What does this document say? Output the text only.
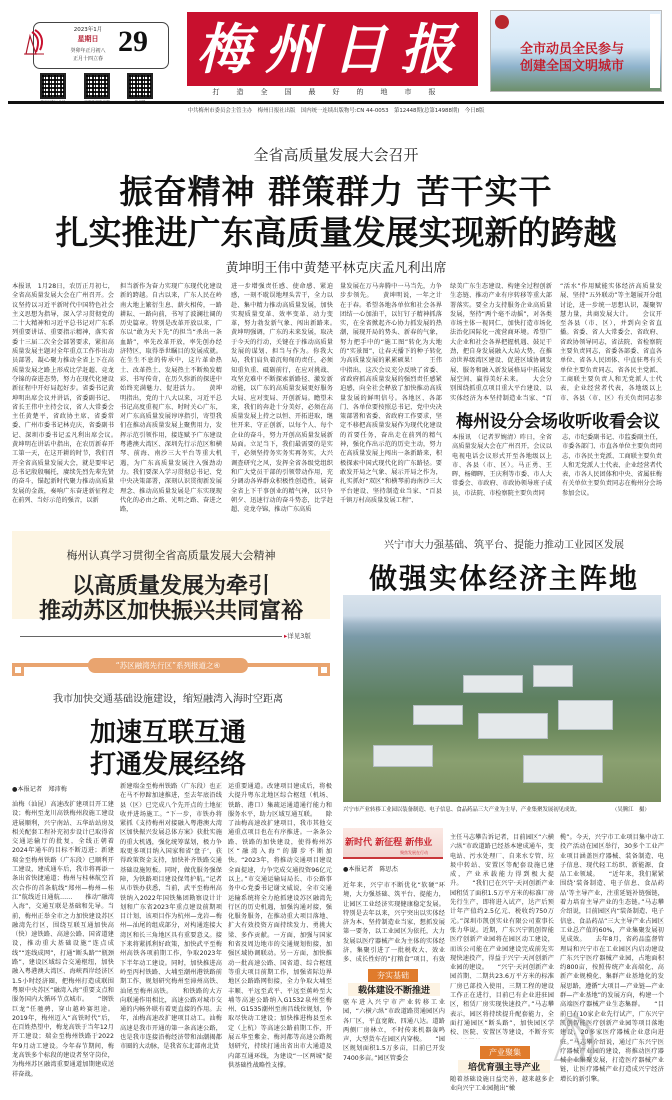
2023年1月
星期日
癸卯年正月初八
正月十四立春
29 梅州日报
打造全国最好的地市报
全市动员全民参与
创建全国文明城市
中共梅州市委员会主管主办　梅州日报社出版　国内统一连续出版物号:CN 44-0053　第12448期(总第14988期)　今日8版
全省高质量发展大会召开
振奋精神 群策群力 苦干实干
扎实推进广东高质量发展实现新的跨越
黄坤明王伟中黄楚平林克庆孟凡利出席
本报讯　1月28日，农历正月初七，全省高质量发展大会在广州召开。会议坚持以习近平新时代中国特色社会主义思想为指导，深入学习贯彻党的二十大精神和习近平总书记对广东系列重要讲话、重要指示精神，落实省委十三届二次全会部署要求，紧扣高质量发展主题对全年重点工作作出动员部署，凝心聚力推动全省上下在高质量发展之路上形成比学赶超、竞龙夺锦的奋进态势，努力在现代化建设新征程中开好局起好步。省委书记黄坤明出席会议并讲话，省委副书记、省长王伟中主持会议，省人大常委会主任黄楚平，省政协主席、省委常委、广州市委书记林克庆，省委副书记、深圳市委书记孟凡利出席会议。　　黄坤明在讲话中指出，在农历新春开工第一天，在这开耕的时节，我们召开全省高质量发展大会，就是要牢记总书记殷殷嘱托，赓续先烈先辈先贤的奋斗，锚起新时代聚力推动高质量发展的金鼓，奏响广东奋进新征程走在前列、当好示范的强音，以新
担当新作为奋力实现广东现代化建设新的跨越。自古以来，广东人民在岭南大地上繁衍生息、薪火相传，一路耕耘、一路向前，书写了波澜壮阔的历史篇章。特别是改革开放以来，广东以“敢为天下先”的担当“杀出一条血路”，率先改革开放，率先创办经济特区，取得举世瞩目的发展成就。在生生不息的传承中，这片革命热土、改革热土、发展热土不断焕发精彩、书写传奇，在历久弥新的探进中始终充满魅力、促进活力。　　黄坤明指出，党的十八大以来，习近平总书记高度重视广东、时时关心广东，对广东高质量发展谆谆指引，寄望我们在推动高质量发展上聚焦用力，发挥示范引领作用，接连赋予广东建设粤港澳大湾区、深圳先行示范区和横琴、前海、南沙三大平台等重大机遇，为广东高质量发展注入强劲动力。我们要深入学习贯彻总书记、党中央决策部署，深刻认识贯彻新发展理念、推动高质量发展是广东实现现代化的必由之路、光明之路、奋进之路，
进一步增强责任感、使命感、紧迫感，一刻不耽误地埋头苦干，全力以赴、集中精力推动高质量发展，加快实现质量变革、效率变革、动力变革，努力勃发新气象、闯出新路来。　　黄坤明强调，广东的未来发展，取决于今天的行动，关键在于推动高质量发展的谋划、担当与作为。你我大局，我们肩负着沉甸甸的责任，必须知重负重、砥砺前行，在应对挑战、攻坚克难中不断探索新路径、激发新动能，以广东的高质量发展更好服务大局、应对变局、开创新局。瞻望未来，我们的奔赴十分美好，必须在高质量发展上持之以恒、开拓进取，继往开来、守正创新，以每个人、每个企业的奋斗，努力开创高质量发展新局面。立足当下，我们最需要的是实干，必须坚持务实务实再务实，大兴调查研究之风，发挥全省各级党组织和广大党员干部的引领带动作用，充分调动各界群众积极性创造性，展奋全省上下干事创业的精气神，以只争朝夕、迅速行动的奋斗势态，比学赶超、竞龙夺锦，推动广东高质
量发展在万马奔腾中一马当先，力争步步领先。　　黄坤明说，一年之计在于春。希望各地各单位和社会各界团结一心加油干，以钉钉子精神抓落实，在全省掀起齐心协力抓发展的热潮，展现开局的势头、新春的气象，努力把手中的“施工图”转化为大地的“实景图”，让春天播下的种子转化为高质量发展的累累硕果！　　王伟中指出，这次会议充分反映了省委、省政府抓高质量发展的强烈责任感紧迫感，向全社会释放了加快推动高质量发展的鲜明信号。各地区、各部门、各单位要按照总书记、党中央决策部署和省委、省政府工作要求，坚定不移把高质量发展作为现代化建设的首要任务，奋出走在前列的精气神，强化作出示范的历史主动，努力在高质量发展上闯出一条新路来，积极探索中国式现代化的广东路径。要敢发开局之气象、展示开局之作为，扎实抓好“双区”和横琴前海南沙三大平台建设、坚持制造业当家、“百县千镇万村高质量发展工程”、
绿美广东生态建设、构建全过程创新生态链、推动产业有序转移等重大部署落实。要全力支持服务企业高质量发展，坚持“两个毫不动摇”，对各类市场主体一视同仁，加快打造市场化法治化国际化一流营商环境。希望广大企业和社会各界把握机遇、鼓足干劲，把自身发展融入大局大势，在推动世界级湾区建设、促进区域协调发展、服务和融入新发展格局中拓展发展空间、赢得美好未来。　　大会分别围绕抓重点项目重大平台建设、以实体经济为本坚持制造业当家、“百
“活水”作用赋能实体经济高质量发展、坚持“五外联动”等主题展开分组讨论，进一步统一思想认识，凝聚智慧力量，共商发展大计。　　会议开至各县（市、区），并到向全省直播。省委、省人大常委会、省政府、省政协领导同志，省法院、省检察院主要负责同志，省委各部委、省直各单位、省各人民团体、中直驻粤有关单位主要负责同志，省各民主党派、工商联主要负责人和无党派人士代表，企业经营者代表，各地级以上市、各县（市、区）有关负责同志参　　　　
梅州设分会场收听收看会议
本报讯　（记者罗婉清）昨日，全省高质量发展大会在广州召开，会议以电视电话会议形式开至各地级以上市、各县（市、区）。马正勇、王晖、杨卿晖、王庆利等市委、市人大常委会、市政府、市政协领导班子成员，市法院、市检察院主要负责同
志，市纪委副书记、市监委副主任，市委各部门、市直各单位主要负责同志，市各民主党派、工商联主要负责人和无党派人士代表、企业经营者代表，市各人民团体和中央、省属驻梅有关单位主要负责同志在梅州分会场参加会议。
梅州认真学习贯彻全省高质量发展大会精神
以高质量发展为牵引
推动苏区加快振兴共同富裕
▸详见3版
“苏区融湾先行区”系列报道之④
我市加快交通基础设施建设，缩短融湾入海时空距离
加速互联互通
打通发展经络
●本报记者　郑沛梅
汕梅（汕昆）高速改扩建项目开工建设；梅州至龙川高铁梅州段施工建设进展顺利，兴宁南站、五华站站房及相关配套工程补充初步设计已取得省交通运输厅的批复，全线正朝着2024年通车的目标不断迈进；新建瑞金至梅州铁路（广东段）已顺利开工建设，建成通车后，我市将再添一条出省快捷通道；梅州与桂林航空首次合作的首条航线“郑州—梅州—桂江”航线近日通航……　　推动“融湾入海”，交通互联是基础和先导。当前，梅州正举全市之力加快建设苏区融湾先行区，围绕互联互通加快高（快）速铁路、高速公路、国省道建设，推动重大基础设施“连点成线”“连线成网”，打通“断头路”“瓶颈路”，建设区域综合交通枢纽，加快融入粤港澳大湾区、海峡西岸经济区1.5小时经济圈，把梅州打造成联围粤原中央苏区“融湾入海”重要支点和服务国内大循环节点城市。　　“钢铁巨龙”任驰骋，穿山越岭赛坦途。2019年，梅州迈入“高铁时代”后，在百姓热望中，梅龙高铁于当年12月开工建设；瑞金至梅州铁路于2022年9月动工建设。今年春节期间，梅龙高铁多个标段的建设者坚守岗位，为梅州苏区融湾重要通道加期建成送祥奋战。
新建瑞金至梅州铁路（广东段）也正在马不停蹄加速推进，至去年底沿线县（区）已完成八个先开点的土地征收并进场施工。“下一步，市铁办将紧抓《支持梅州对接融入粤港澳大湾区加快振兴发展总体方案》获批实施的重大机遇，强化统筹谋划，极力争取更多项目纳入国家和省‘盘子’，获得政策资金支持，加快补齐铁路交通基础设施短板。同时，做优服务强保障，为铁路项目建设保驾护航。”记者从市铁办获悉，当前，武平至梅州高铁纳入2022年国铁集团勘察设计计划和广东省2023年重点建设前期项目计划，该项目作为杭州—龙岩—梅州—汕尾的组成部分，对构通连接大湾区和长三角地区具有重要意义。接下来将紧抓利好政策，加快武平至梅州高铁各项前期工作，争取2023年下半年动工建设。同时，加快推进高岭至丙村铁路、大埔至潮州港铁路前期工作，规划研究梅州至漳州高铁、汕尾至梅州高铁。　　和铁路的大方向联通作用相比，高速公路对城市交通的内畅外联有着更直接的作用。去年，汕梅高速改扩建项目动工。汕梅高速是我市开通的第一条高速公路，也是我市连接沿梅经济带和汕潮揭都市圈的大动脉，是我省东北部南北货
运重要通道。改建项目建成后，将极大提升粤东北地区综合枢纽（机场、铁路、港口）集疏运通道通行能力和服务水平，助力区域互通互联。　　除了汕梅高速改扩建项目，我市其他交通重点项目也在有序推进。一条条公路、铁路的加快建设，使得梅州苏区“融湾入海”的脚步不断加快。“2023年，将推动交通项目建设全面提速，力争完成交通投资96亿元以上。”市交通运输局局长、市公路事务中心党委书记谢文威说，全市交通运输系统将全力抢抓建设苏区融湾先行区的历史机遇，加强沟通对接，强化服务服务，在推动重大项目落地、扩大有效投资方面持续发力、勇挑大梁、多作贡献。一方面，加强与国家和省及周边地市的交通规划衔接，加强区域协调联动。另一方面，加快推动一批高速公路、国省道、综合枢纽等重大项目前期工作，加强省际边界地区公路路网衔接，全力争取大埔至丰顺、平远至武平、平远至蕉岭至大埔等高速公路纳入G1532泉州至梅州、G1535潮州至南昌线位规划，争取尽快动工建设；加快推进梅县至永定（上杭）等高速公路前期工作，开展五华至紫金、梅河都等高速公路规划研究，持续打通出省出市大通道及内部互通环线，为建设“一区两城”提供基础性战略性支撑。
兴宁市大力强基础、筑平台、提能力推动工业园区发展
做强实体经济主阵地
兴宁市产业转移工业园以装备制造、电子信息、食品药品三大产业为主导，产业集聚发展初见成效。	（吴腾江　摄）
新时代 新征程 新伟业
聚焦发展在行动
●本报记者　陈思杰
近年来，兴宁市不断优化“软硬”环境，大力强基础、筑平台、提能力，让园区工业经济实现健康稳定发展。特别是去年以来，兴宁突出以实体经济为本、坚持制造业当家，想抓发展第一要务，以工业园区为依托，大力发展以医疗器械产业为主体的实体经济，集聚引进了一批税收大、效业多、成长性好的“打粮食”项目，有效
夯实基础
载体建设不断推进
驱车进入兴宁市产业转移工业园，“六横六纵”市政道路贯通园区内各厂区，平直宽敞、四通八达。道路两侧厂房林立，不时传来机器轰鸣声，大型货车在园区内穿梭。　　“园区规划面积1.5万多亩，目前已开发7400多亩。”园区管委会
主任马志攀告诉记者，目前园区“六横六纵”市政道路已经基本建成通车，变电站、污水处理厂、自来水专管、垃圾中转站、安置区等配套设施已建成，产业承载能力得到极大提升。　　“我们已在兴宁·天河创新产业园租赁了面积1.5万平方米的标准厂房先行生产，即将进入试产，达产后预计年产值约2.5亿元、税收约750万元。”深圳市凯创实业有限公司董事长张力华说。近期，广东兴宁凯创智能医疗创新产业园将在园区动工建设，而该公司能在产业园建设完成前先实现快速投产，得益于兴宁·天河创新产业园的建设。　　“兴宁·天河创新产业园首期、二期共23.6万平方米的标准厂房已部投入使用，三期工程的建设工作正在进行，目前已有企业进驻园区，租赁厂房实现快速投产。”马志攀表示，园区将持续提升配套能力，全面打通园区“断头路”，加快园区学校、医院、安置区等建设，不断夯实
产业聚集
培优育强主导产业
随着基础设施日益完善，越来越多企业向兴宁工业园抛出“橄
榄”。今天，兴宁市工业项目集中动工投产活动在园区举行，30多个工业产业项目涵盖医疗器械、装备制造、电子信息、现代轻工纺织、新能源、食品工业领域。　　“近年来，我们紧紧围绕‘装备制造、电子信息、食品药品’等主导产业，注重延链补链强链，着力培育主导产业的生态链。”马志攀介绍说，目前园区内“装备制造、电子信息、食品药品”三大主导产业占园区工业总产值的60%，产业集聚发展初见成效。　　去年8月，省药品监督管理局和兴宁市在工业园区内启动建设广东兴宁医疗器械产业园，占地面积约800亩，按照传统产业高端化、高新产业规模化、集群产业基地化的发展思路，遵循“大项目—产业链—产业群—产业基地”的发展方向，构建一个高端医疗器械产业生态集群。　　“目前已有10家企业先行试产，广东兴宁凯创智能医疗创新产业园等项目落地建设，20多家医疗器械企业意向进驻。”马志攀介绍说，通过广东兴宁医疗器械产业园的建设，将推动医疗器械企业集聚发展，打造医疗器械产业链，让医疗器械产业打造成兴宁经济增长的新引擎。
